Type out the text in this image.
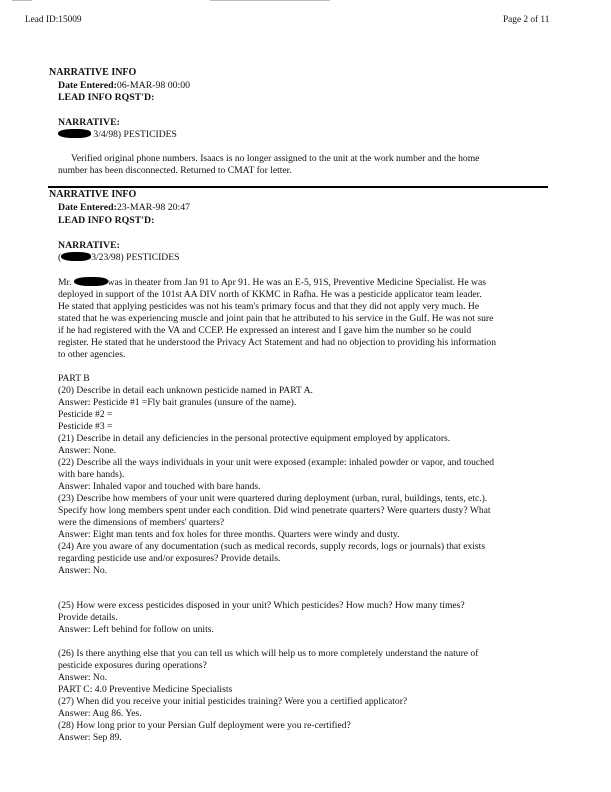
Lead ID:15009	Page 2 of 11
NARRATIVE INFO
Date Entered:06-MAR-98 00:00
LEAD INFO RQST'D:
NARRATIVE:
3/4/98) PESTICIDES
Verified original phone numbers. Isaacs is no longer assigned to the unit at the work number and the home
number has been disconnected. Returned to CMAT for letter.
NARRATIVE INFO
Date Entered:23-MAR-98 20:47
LEAD INFO RQST'D:
NARRATIVE:
(	3/23/98) PESTICIDES
Mr.	was in theater from Jan 91 to Apr 91. He was an E-5, 91S, Preventive Medicine Specialist. He was
deployed in support of the 101st AA DIV north of KKMC in Rafha. He was a pesticide applicator team leader.
He stated that applying pesticides was not his team's primary focus and that they did not apply very much. He
stated that he was experiencing muscle and joint pain that he attributed to his service in the Gulf. He was not sure
if he had registered with the VA and CCEP. He expressed an interest and I gave him the number so he could
register. He stated that he understood the Privacy Act Statement and had no objection to providing his information
to other agencies.
PART B
(20) Describe in detail each unknown pesticide named in PART A.
Answer: Pesticide #1 =Fly bait granules (unsure of the name).
Pesticide #2 =
Pesticide #3 =
(21) Describe in detail any deficiencies in the personal protective equipment employed by applicators.
Answer: None.
(22) Describe all the ways individuals in your unit were exposed (example: inhaled powder or vapor, and touched
with bare hands).
Answer: Inhaled vapor and touched with bare hands.
(23) Describe how members of your unit were quartered during deployment (urban, rural, buildings, tents, etc.).
Specify how long members spent under each condition. Did wind penetrate quarters? Were quarters dusty? What
were the dimensions of members' quarters?
Answer: Eight man tents and fox holes for three months. Quarters were windy and dusty.
(24) Are you aware of any documentation (such as medical records, supply records, logs or journals) that exists
regarding pesticide use and/or exposures? Provide details.
Answer: No.
(25) How were excess pesticides disposed in your unit? Which pesticides? How much? How many times?
Provide details.
Answer: Left behind for follow on units.
(26) Is there anything else that you can tell us which will help us to more completely understand the nature of
pesticide exposures during operations?
Answer: No.
PART C: 4.0 Preventive Medicine Specialists
(27) When did you receive your initial pesticides training? Were you a certified applicator?
Answer: Aug 86. Yes.
(28) How long prior to your Persian Gulf deployment were you re-certified?
Answer: Sep 89.
